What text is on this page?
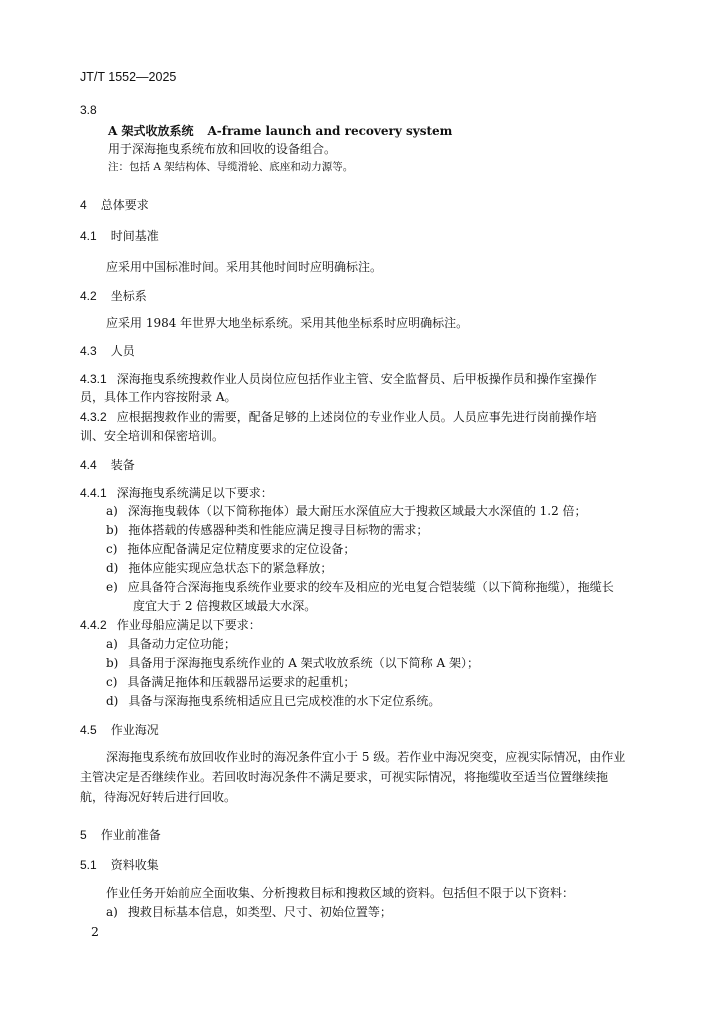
JT/T 1552—2025
3.8
A 架式收放系统 A-frame launch and recovery system
用于深海拖曳系统布放和回收的设备组合。
注：包括 A 架结构体、导缆滑轮、底座和动力源等。
4 总体要求
4.1 时间基准
应采用中国标准时间。采用其他时间时应明确标注。
4.2 坐标系
应采用 1984 年世界大地坐标系统。采用其他坐标系时应明确标注。
4.3 人员
4.3.1 深海拖曳系统搜救作业人员岗位应包括作业主管、安全监督员、后甲板操作员和操作室操作
员，具体工作内容按附录 A。
4.3.2 应根据搜救作业的需要，配备足够的上述岗位的专业作业人员。人员应事先进行岗前操作培
训、安全培训和保密培训。
4.4 装备
4.4.1 深海拖曳系统满足以下要求：
a) 深海拖曳载体（以下简称拖体）最大耐压水深值应大于搜救区域最大水深值的 1.2 倍；
b) 拖体搭载的传感器种类和性能应满足搜寻目标物的需求；
c) 拖体应配备满足定位精度要求的定位设备；
d) 拖体应能实现应急状态下的紧急释放；
e) 应具备符合深海拖曳系统作业要求的绞车及相应的光电复合铠装缆（以下简称拖缆），拖缆长
度宜大于 2 倍搜救区域最大水深。
4.4.2 作业母船应满足以下要求：
a) 具备动力定位功能；
b) 具备用于深海拖曳系统作业的 A 架式收放系统（以下简称 A 架）；
c) 具备满足拖体和压载器吊运要求的起重机；
d) 具备与深海拖曳系统相适应且已完成校准的水下定位系统。
4.5 作业海况
深海拖曳系统布放回收作业时的海况条件宜小于 5 级。若作业中海况突变，应视实际情况，由作业
主管决定是否继续作业。若回收时海况条件不满足要求，可视实际情况，将拖缆收至适当位置继续拖
航，待海况好转后进行回收。
5 作业前准备
5.1 资料收集
作业任务开始前应全面收集、分析搜救目标和搜救区域的资料。包括但不限于以下资料：
a) 搜救目标基本信息，如类型、尺寸、初始位置等；
2
